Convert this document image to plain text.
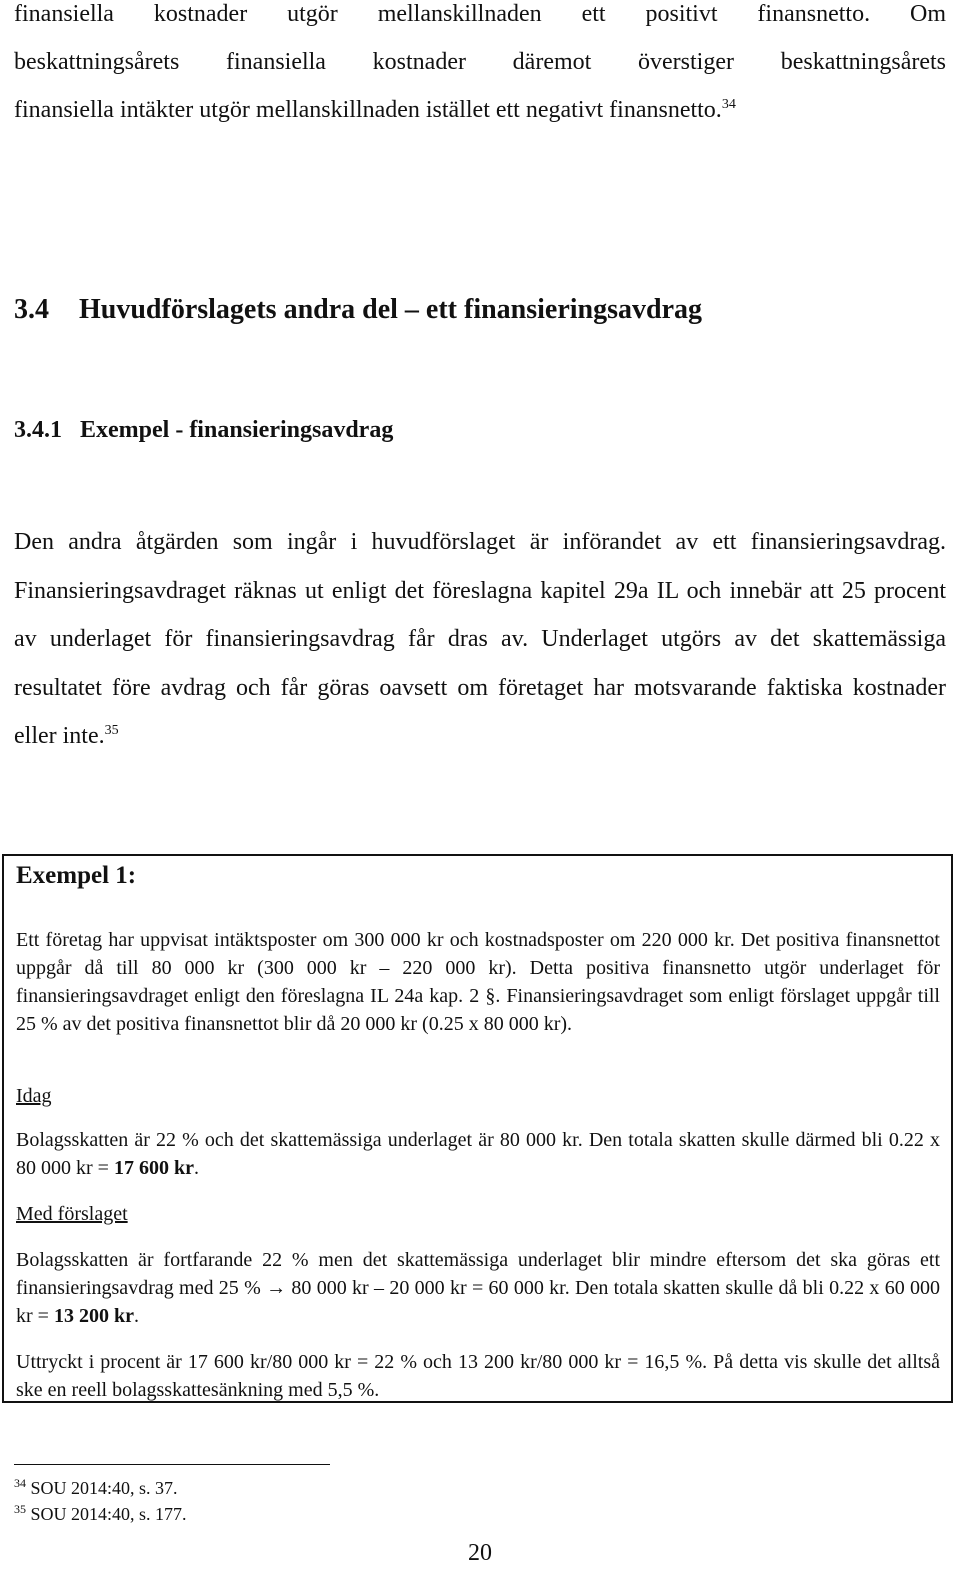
finansiella kostnader utgör mellanskillnaden ett positivt finansnetto. Om

beskattningsårets finansiella kostnader däremot överstiger beskattningsårets

finansiella intäkter utgör mellanskillnaden istället ett negativt finansnetto.$^{34}$

3.4 Huvudförslagets andra del – ett finansieringsavdrag
3.4.1 Exempel - finansieringsavdrag

Den andra åtgärden som ingår i huvudförslaget är införandet av ett finansieringsavdrag. Finansieringsavdraget räknas ut enligt det föreslagna kapitel 29a IL och innebär att 25 procent av underlaget för finansieringsavdrag får dras av. Underlaget utgörs av det skattemässiga resultatet före avdrag och får göras oavsett om företaget har motsvarande faktiska kostnader eller inte.$^{35}$

Exempel 1:

Ett företag har uppvisat intäktsposter om 300 000 kr och kostnadsposter om 220 000 kr. Det positiva finansnettot uppgår då till 80 000 kr (300 000 kr – 220 000 kr). Detta positiva finansnetto utgör underlaget för finansieringsavdraget enligt den föreslagna IL 24a kap. 2 §. Finansieringsavdraget som enligt förslaget uppgår till 25 % av det positiva finansnettot blir då 20 000 kr (0.25 x 80 000 kr).

Idag

Bolagsskatten är 22 % och det skattemässiga underlaget är 80 000 kr. Den totala skatten skulle därmed bli 0.22 x 80 000 kr = 17 600 kr.

Med förslaget

Bolagsskatten är fortfarande 22 % men det skattemässiga underlaget blir mindre eftersom det ska göras ett finansieringsavdrag med 25 % → 80 000 kr – 20 000 kr = 60 000 kr. Den totala skatten skulle då bli 0.22 x 60 000 kr = 13 200 kr.

Uttryckt i procent är 17 600 kr/80 000 kr = 22 % och 13 200 kr/80 000 kr = 16,5 %. På detta vis skulle det alltså ske en reell bolagsskattesänkning med 5,5 %.

$^{34}$ SOU 2014:40, s. 37.

$^{35}$ SOU 2014:40, s. 177.

20
